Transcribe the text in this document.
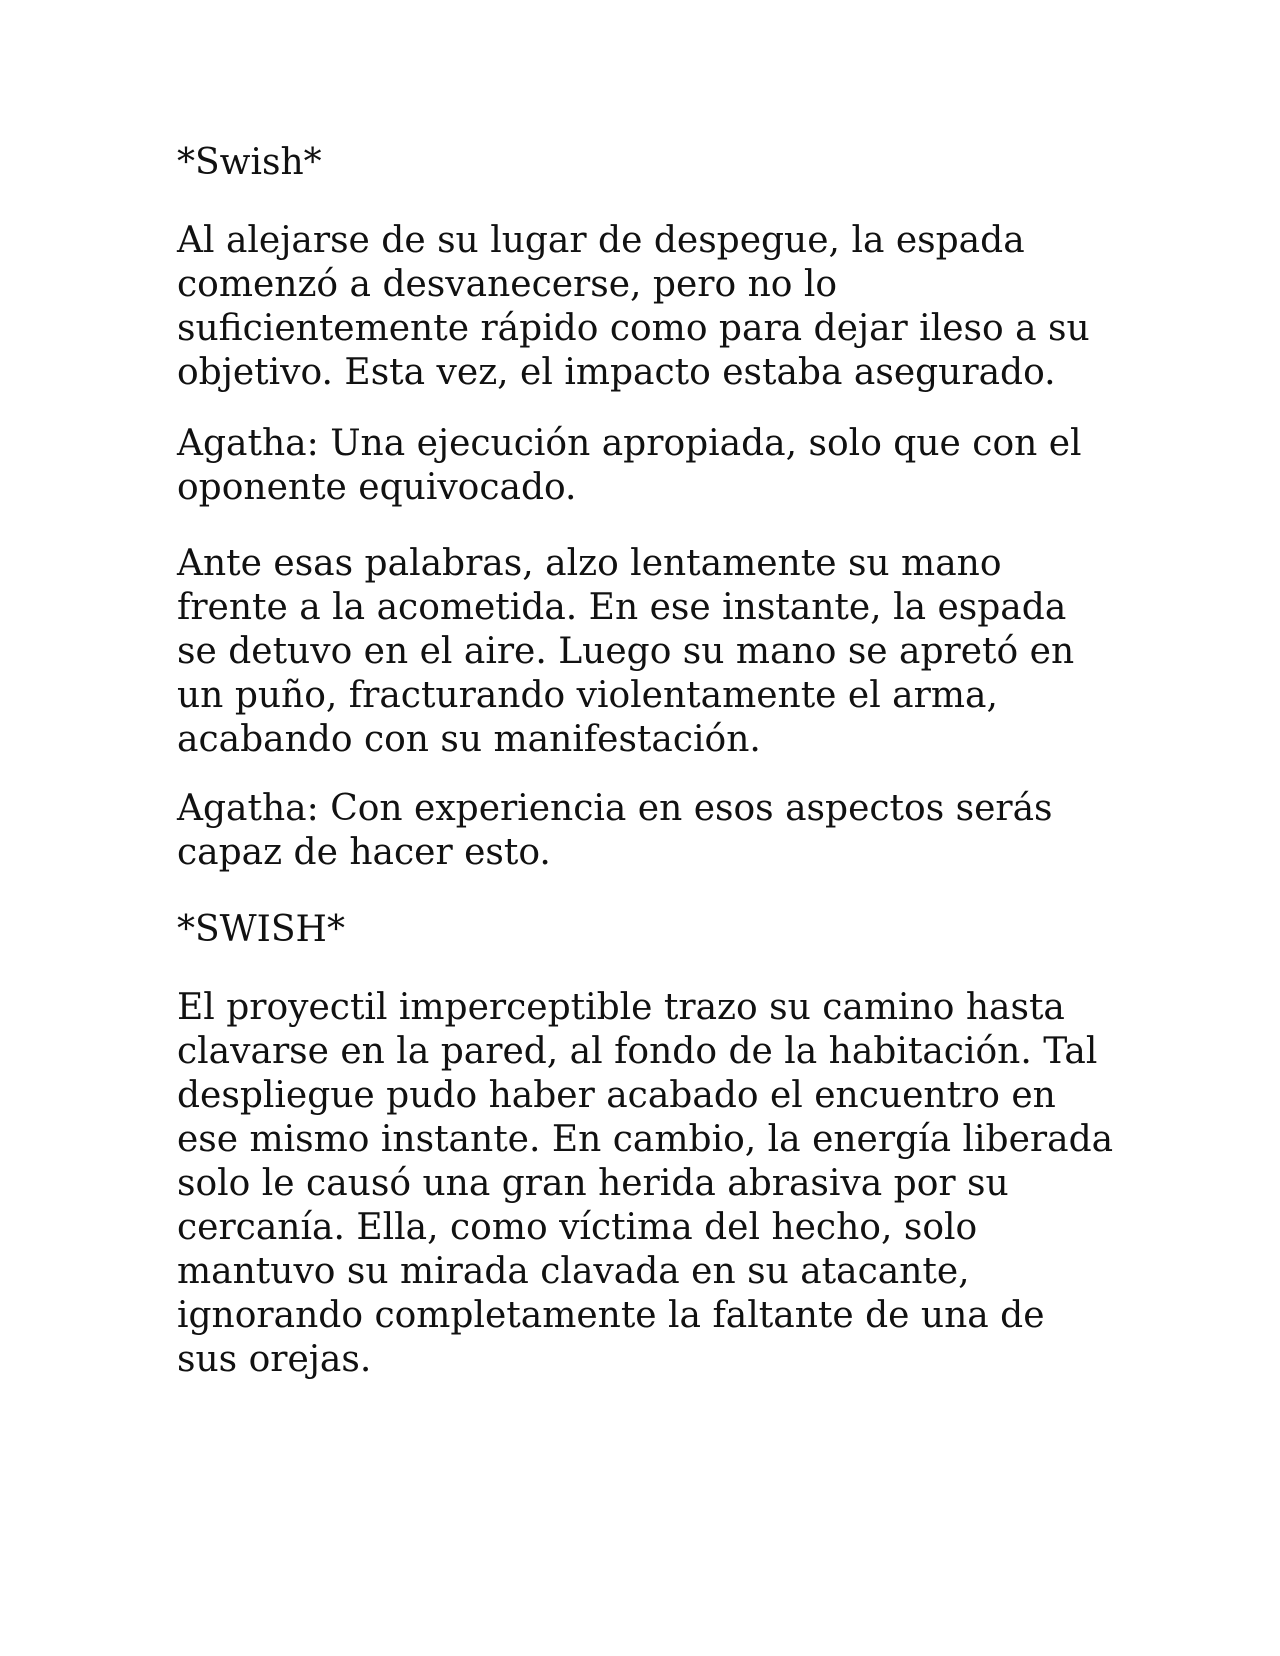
*Swish*

Al alejarse de su lugar de despegue, la espada
comenzó a desvanecerse, pero no lo
suficientemente rápido como para dejar ileso a su
objetivo. Esta vez, el impacto estaba asegurado.

Agatha: Una ejecución apropiada, solo que con el
oponente equivocado.

Ante esas palabras, alzo lentamente su mano
frente a la acometida. En ese instante, la espada
se detuvo en el aire. Luego su mano se apretó en
un puño, fracturando violentamente el arma,
acabando con su manifestación.

Agatha: Con experiencia en esos aspectos serás
capaz de hacer esto.

*SWISH*

El proyectil imperceptible trazo su camino hasta
clavarse en la pared, al fondo de la habitación. Tal
despliegue pudo haber acabado el encuentro en
ese mismo instante. En cambio, la energía liberada
solo le causó una gran herida abrasiva por su
cercanía. Ella, como víctima del hecho, solo
mantuvo su mirada clavada en su atacante,
ignorando completamente la faltante de una de
sus orejas.
